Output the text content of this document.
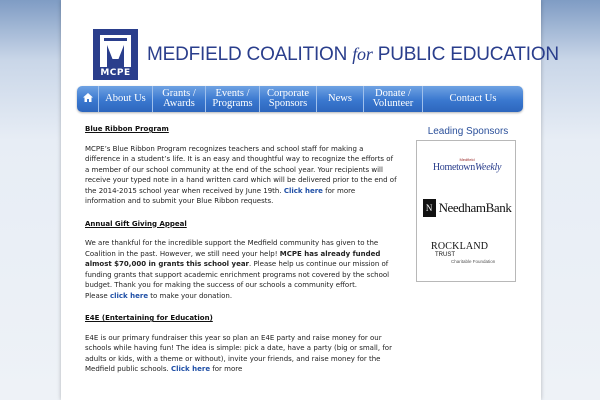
MCPE
MEDFIELD COALITION for PUBLIC EDUCATION
About Us Grants /
Awards
Events /
Programs
Corporate
Sponsors News Donate /
Volunteer	Contact Us
Blue Ribbon Program
MCPE’s Blue Ribbon Program recognizes teachers and school staff for making a difference in a student’s life. It is an easy and thoughtful way to recognize the efforts of a member of our school community at the end of the school year. Your recipients will receive your typed note in a hand written card which will be delivered prior to the end of the 2014-2015 school year when received by June 19th. Click here for more information and to submit your Blue Ribbon requests.
Annual Gift Giving Appeal
We are thankful for the incredible support the Medfield community has given to the Coalition in the past. However, we still need your help! MCPE has already funded almost $70,000 in grants this school year. Please help us continue our mission of funding grants that support academic enrichment programs not covered by the school budget. Thank you for making the success of our schools a community effort.
Please click here to make your donation.
E4E (Entertaining for Education)
E4E is our primary fundraiser this year so plan an E4E party and raise money for our schools while having fun! The idea is simple: pick a date, have a party (big or small, for adults or kids, with a theme or without), invite your friends, and raise money for the Medfield public schools. Click here for more
Leading Sponsors
Medfield
HometownWeekly
N NeedhamBank
ROCKLAND
TRUST
Charitable Foundation
